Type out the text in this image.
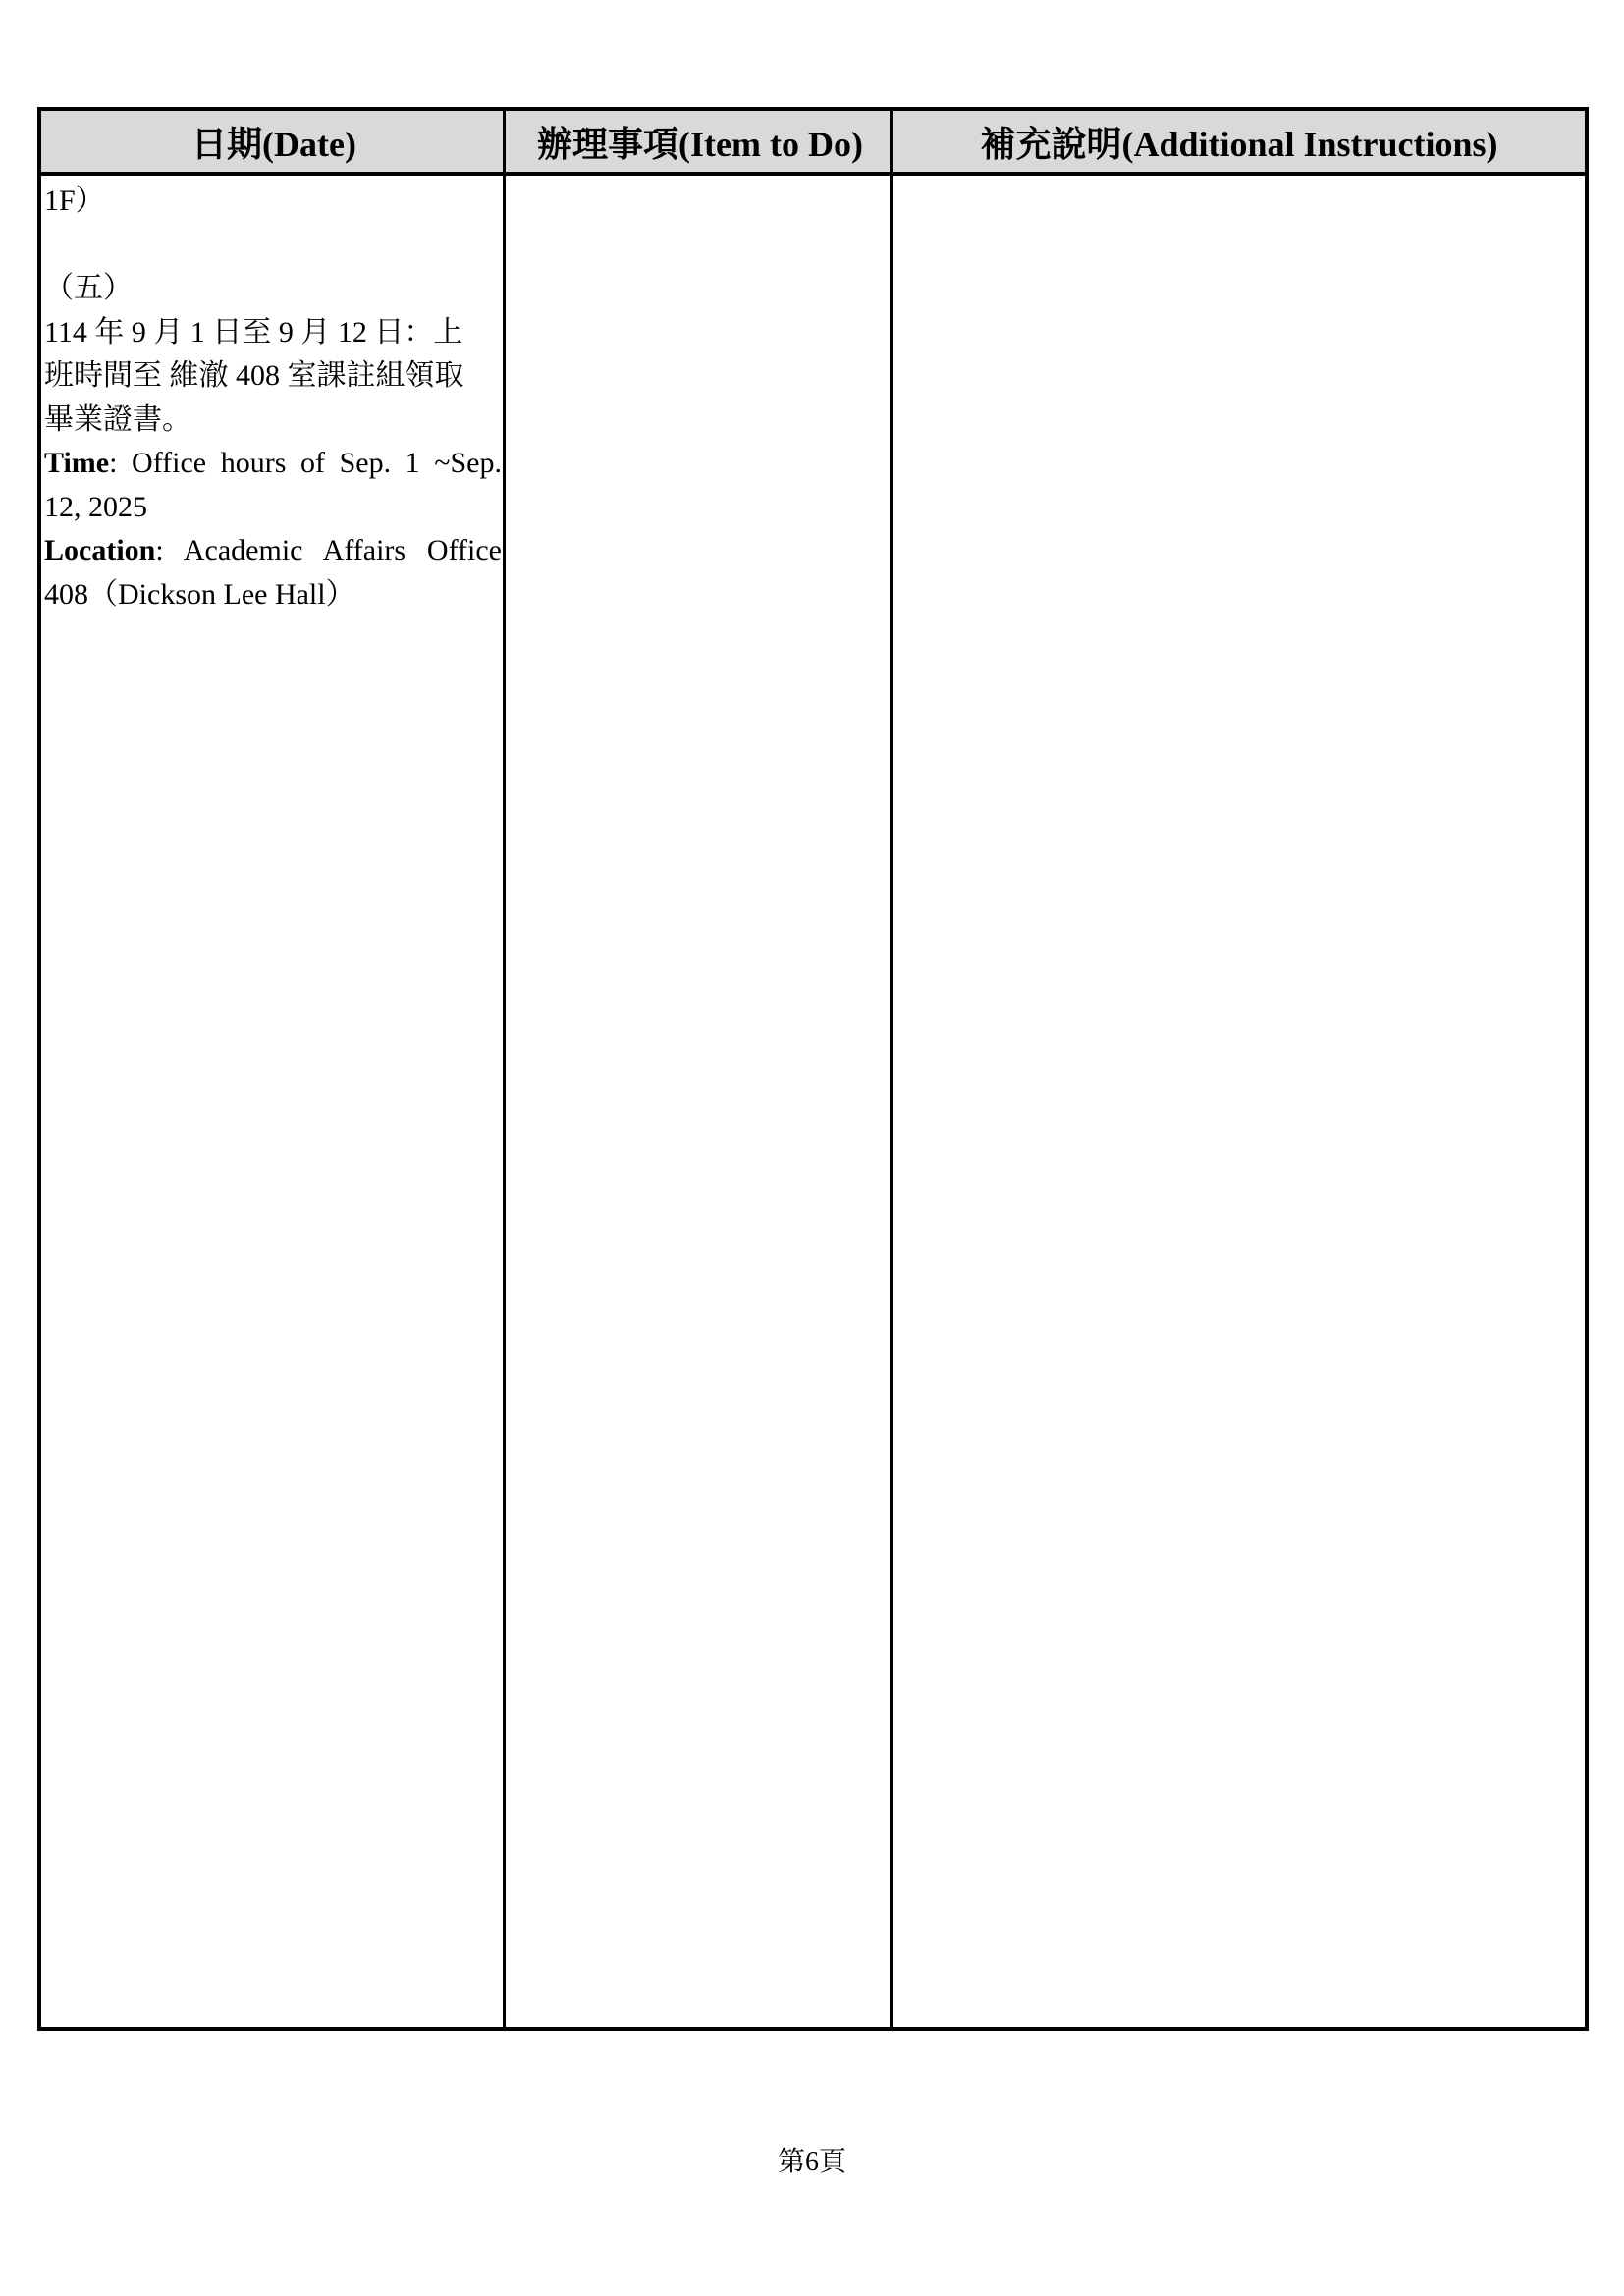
日期(Date)	辦理事項(Item to Do)	補充說明(Additional Instructions)

1F）

（五）

114 年 9 月 1 日至 9 月 12 日：上

班時間至 維澈 408 室課註組領取

畢業證書。

Time: Office hours of Sep. 1 ~Sep. 12, 2025

Location: Academic Affairs Office 408（Dickson Lee Hall）

第6頁
